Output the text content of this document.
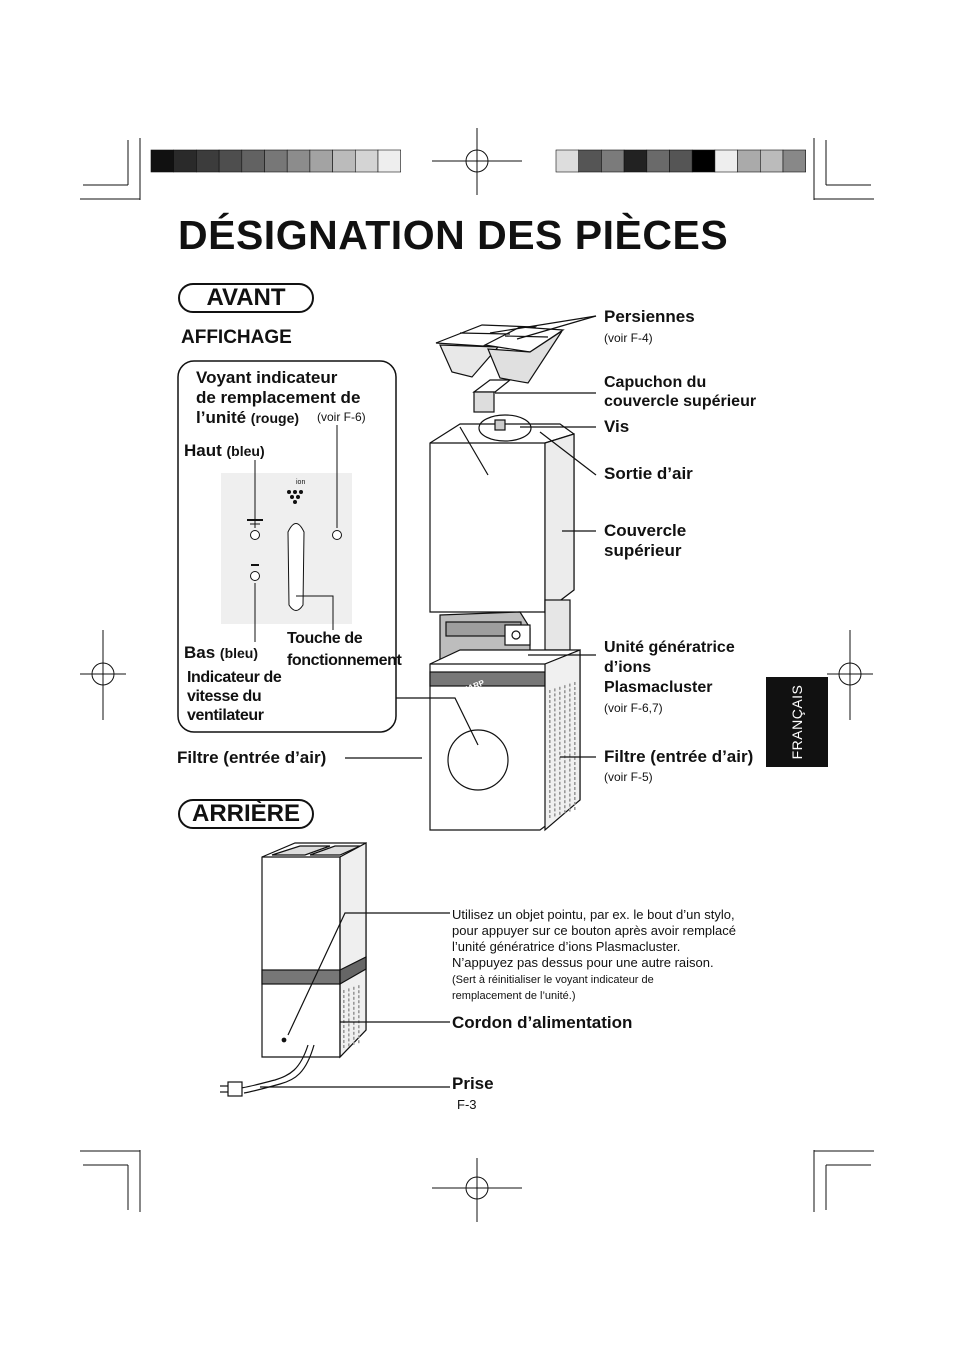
DÉSIGNATION DES PIÈCES
AVANT
ARRIÈRE
AFFICHAGE
Voyant indicateur
de remplacement de
l’unité (rouge) (voir F-6)
Haut (bleu)
ion
Bas (bleu)
Touche de
fonctionnement
Indicateur de
vitesse du
ventilateur
Filtre (entrée d’air)
SHARP
Persiennes
(voir F-4)
Capuchon du
couvercle supérieur
Vis
Sortie d’air
Couvercle
supérieur
Unité génératrice
d’ions
Plasmacluster
(voir F-6,7)
Filtre (entrée d’air)
(voir F-5)
Utilisez un objet pointu, par ex. le bout d’un stylo,
pour appuyer sur ce bouton après avoir remplacé
l’unité génératrice d’ions Plasmacluster.
N’appuyez pas dessus pour une autre raison.
(Sert à réinitialiser le voyant indicateur de
remplacement de l’unité.)
Cordon d’alimentation
Prise
F-3
FRANÇAIS
